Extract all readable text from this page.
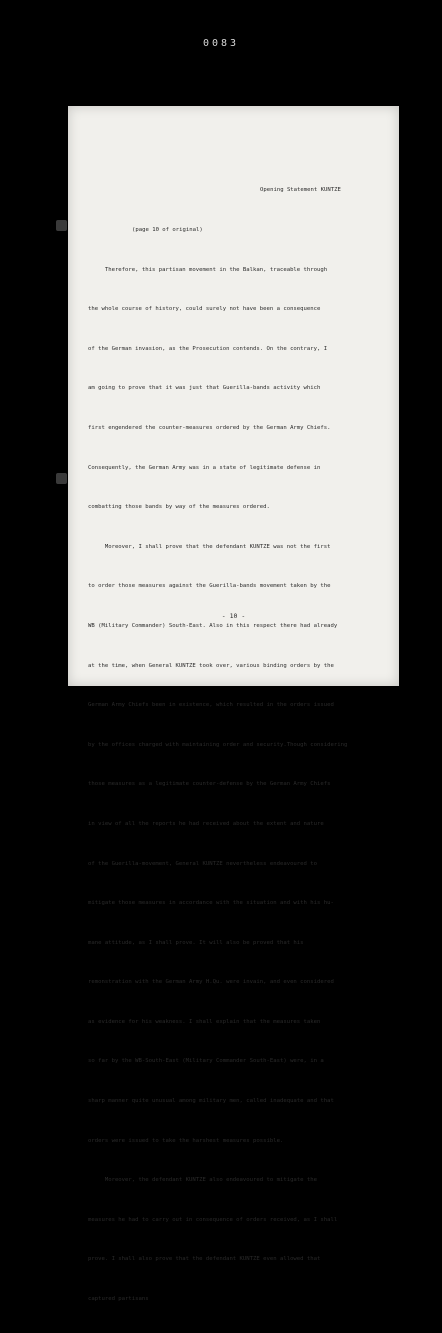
0083

Opening Statement KUNTZE

(page 10 of original)

Therefore, this partisan movement in the Balkan, traceable through

the whole course of history, could surely not have been a consequence

of the German invasion, as the Prosecution contends. On the contrary, I

am going to prove that it was just that Guerilla-bands activity which

first engendered the counter-measures ordered by the German Army Chiefs.

Consequently, the German Army was in a state of legitimate defense in

combatting those bands by way of the measures ordered.

Moreover, I shall prove that the defendant KUNTZE was not the first

to order those measures against the Guerilla-bands movement taken by the

WB (Military Commander) South-East. Also in this respect there had already

at the time, when General KUNTZE took over, various binding orders by the

German Army Chiefs been in existence, which resulted in the orders issued

by the offices charged with maintaining order and security.Though considering

those measures as a legitimate counter-defense by the German Army Chiefs

in view of all the reports he had received about the extent and nature

of the Guerilla-movement, General KUNTZE nevertheless endeavoured to

mitigate those measures in accordance with the situation and with his hu-

mane attitude, as I shall prove. It will also be proved that his

remonstration with the German Army H.Qu. were invain, and even considered

as evidence for his weakness. I shall explain that the measures taken

so far by the WB-South-East (Military Commander South-East) were, in a

sharp manner quite unusual among military men, called inadequate and that

orders were issued to take the harshest measures possible.

Moreover, the defendant KUNTZE also endeavoured to mitigate the

measures he had to carry out in consequence of orders received, as I shall

prove. I shall also prove that the defendant KUNTZE even allowed that

captured partisans

- 10 -
